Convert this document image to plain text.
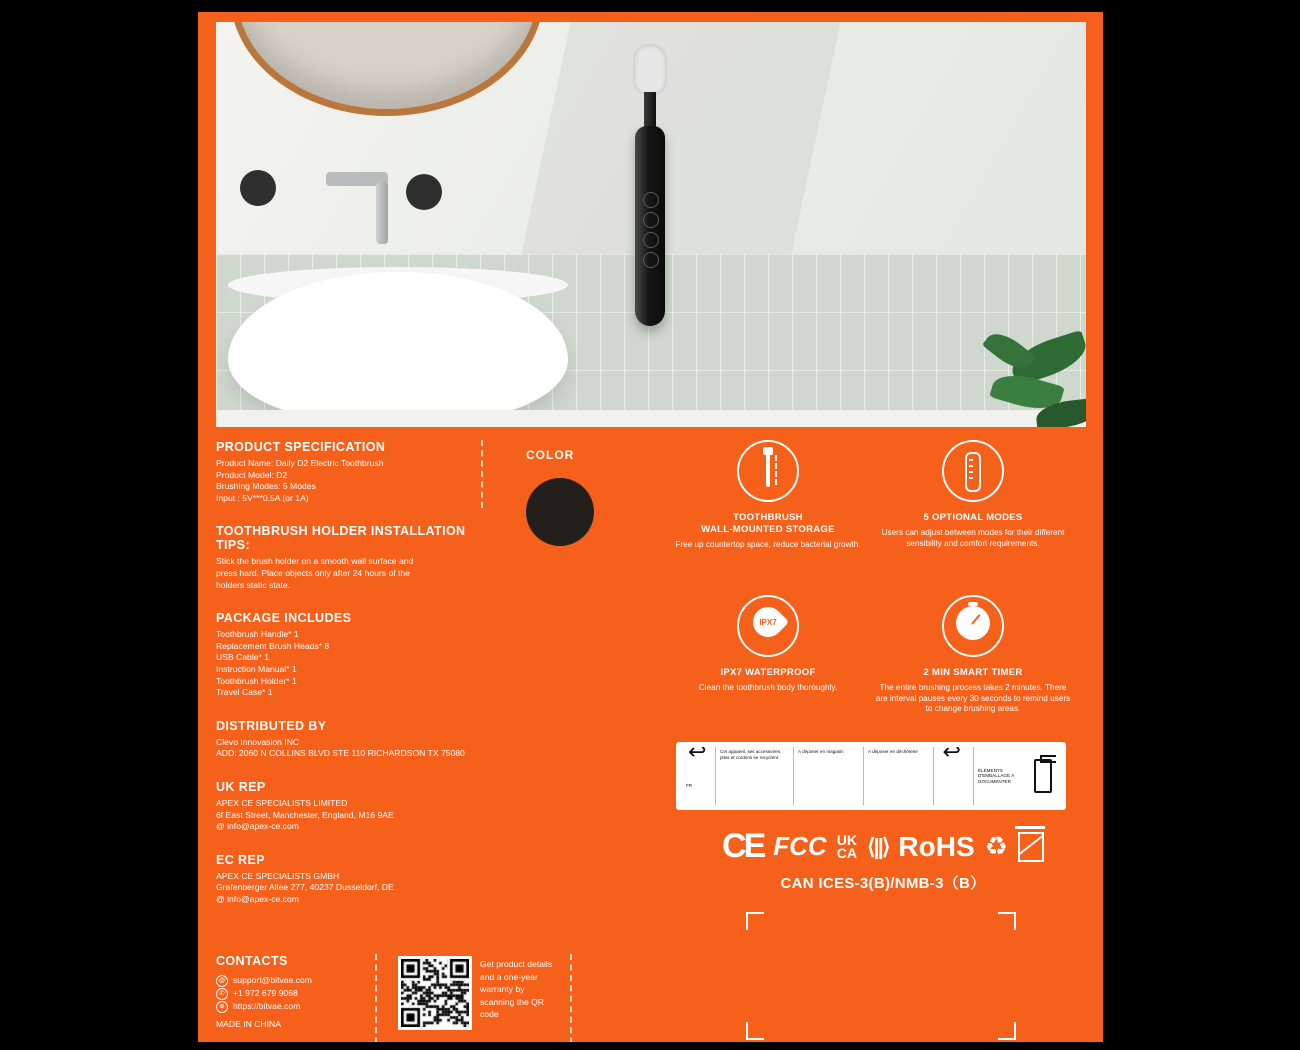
PRODUCT SPECIFICATION

Product Name: Daily D2 Electric Toothbrush

Product Model: D2

Brushing Modes: 5 Modes

Input : 5V***0.5A (or 1A)

TOOTHBRUSH HOLDER INSTALLATION TIPS:

Stick the brush holder on a smooth wall surface and

press hard. Place objects only after 24 hours of the

holders static state.

PACKAGE INCLUDES

Toothbrush Handle* 1

Replacement Brush Heads* 8

USB Cable* 1

Instruction Manual* 1

Toothbrush Holder* 1

Travel Case* 1

DISTRIBUTED BY

Clevo Innovasion INC

ADD: 2060 N COLLINS BLVD STE 110 RICHARDSON TX 75080

UK REP

APEX CE SPECIALISTS LIMITED

6f East Street, Manchester, England, M16 9AE

@ info@apex-ce.com

EC REP

APEX CE SPECIALISTS GMBH

Grafenberger Allee 277, 40237 Dusseldorf, DE

@ info@apex-ce.com

COLOR
TOOTHBRUSH
WALL-MOUNTED STORAGE
Free up countertop space, reduce bacterial growth.
5 OPTIONAL MODES
Users can adjust between modes for their different sensibility and comfort requirements.
IPX7
IPX7 WATERPROOF
Clean the toothbrush body thoroughly.
2 MIN SMART TIMER
The entire brushing process takes 2 minutes. There are interval pauses every 30 seconds to remind users to change brushing areas.
↩
FR
Cet appareil, ses accessoires, piles et cordons se recyclent
A déposer en magasin	A déposer en déchèterie
↩
ÉLÉMENTS D'EMBALLAGE À DOCUMENTER
CE FCC UK
CA ⟨||⟩ RoHS ♻
CAN ICES-3(B)/NMB-3（B）
CONTACTS
@ support@bitvae.com
✆ +1 972 679 9068
⊕ https://bitvae.com
MADE IN CHINA
Get product details and a one-year warranty by scanning the QR code
